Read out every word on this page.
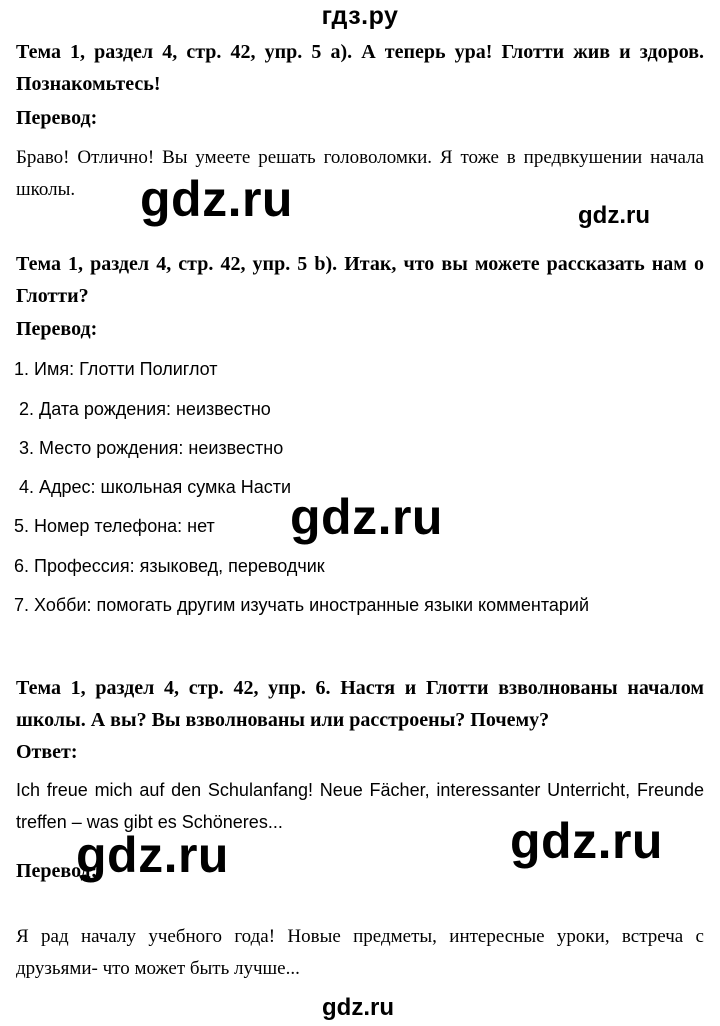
гдз.ру
Тема 1, раздел 4, стр. 42, упр. 5 a). А теперь ура! Глотти жив и здоров. Познакомьтесь!
Перевод:
Браво! Отлично! Вы умеете решать головоломки. Я тоже в предвкушении начала школы.
Тема 1, раздел 4, стр. 42, упр. 5 b). Итак, что вы можете рассказать нам о Глотти?
Перевод:
1. Имя: Глотти Полиглот
2. Дата рождения: неизвестно
3. Место рождения: неизвестно
4. Адрес: школьная сумка Насти
5. Номер телефона: нет
6. Профессия: языковед, переводчик
7. Хобби: помогать другим изучать иностранные языки комментарий
Тема 1, раздел 4, стр. 42, упр. 6. Настя и Глотти взволнованы началом школы. А вы? Вы взволнованы или расстроены? Почему?
Ответ:
Ich freue mich auf den Schulanfang! Neue Fächer, interessanter Unterricht, Freunde treffen – was gibt es Schöneres...
Перевод:
Я рад началу учебного года! Новые предметы, интересные уроки, встреча с друзьями- что может быть лучше...
gdz.ru	gdz.ru
gdz.ru
gdz.ru
gdz.ru
gdz.ru
